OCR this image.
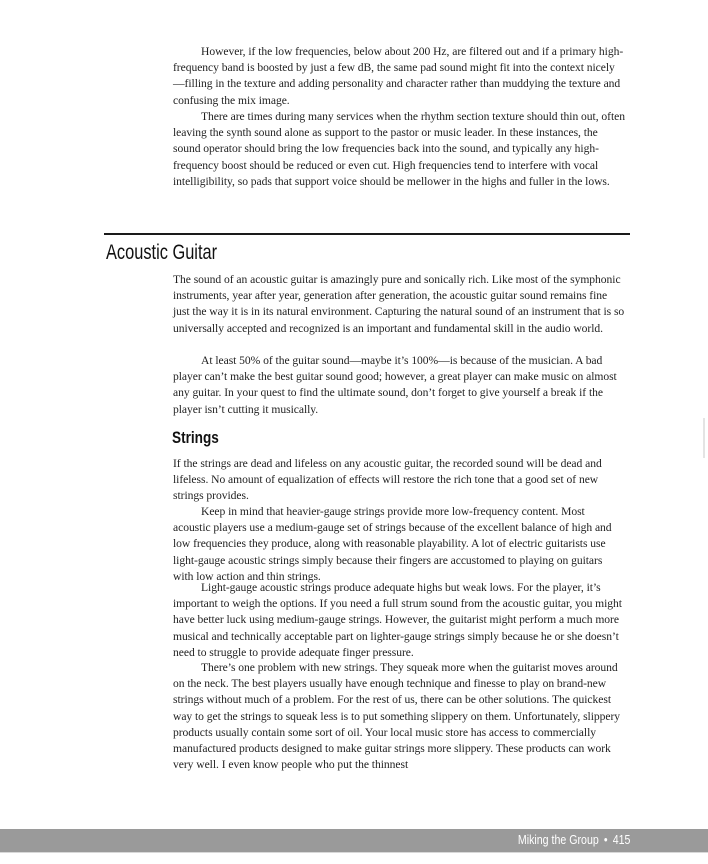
However, if the low frequencies, below about 200 Hz, are filtered out and if a primary high-frequency band is boosted by just a few dB, the same pad sound might fit into the context nicely—filling in the texture and adding personality and character rather than muddying the texture and confusing the mix image.

There are times during many services when the rhythm section texture should thin out, often leaving the synth sound alone as support to the pastor or music leader. In these instances, the sound operator should bring the low frequencies back into the sound, and typically any high-frequency boost should be reduced or even cut. High frequencies tend to interfere with vocal intelligibility, so pads that support voice should be mellower in the highs and fuller in the lows.

Acoustic Guitar

The sound of an acoustic guitar is amazingly pure and sonically rich. Like most of the symphonic instruments, year after year, generation after generation, the acoustic guitar sound remains fine just the way it is in its natural environment. Capturing the natural sound of an instrument that is so universally accepted and recognized is an important and fundamental skill in the audio world.

At least 50% of the guitar sound—maybe it’s 100%—is because of the musician. A bad player can’t make the best guitar sound good; however, a great player can make music on almost any guitar. In your quest to find the ultimate sound, don’t forget to give yourself a break if the player isn’t cutting it musically.

Strings

If the strings are dead and lifeless on any acoustic guitar, the recorded sound will be dead and lifeless. No amount of equalization of effects will restore the rich tone that a good set of new strings provides.

Keep in mind that heavier-gauge strings provide more low-frequency content. Most acoustic players use a medium-gauge set of strings because of the excellent balance of high and low frequencies they produce, along with reasonable playability. A lot of electric guitarists use light-gauge acoustic strings simply because their fingers are accustomed to playing on guitars with low action and thin strings.

Light-gauge acoustic strings produce adequate highs but weak lows. For the player, it’s important to weigh the options. If you need a full strum sound from the acoustic guitar, you might have better luck using medium-gauge strings. However, the guitarist might perform a much more musical and technically acceptable part on lighter-gauge strings simply because he or she doesn’t need to struggle to provide adequate finger pressure.

There’s one problem with new strings. They squeak more when the guitarist moves around on the neck. The best players usually have enough technique and finesse to play on brand-new strings without much of a problem. For the rest of us, there can be other solutions. The quickest way to get the strings to squeak less is to put something slippery on them. Unfortunately, slippery products usually contain some sort of oil. Your local music store has access to commercially manufactured products designed to make guitar strings more slippery. These products can work very well. I even know people who put the thinnest

Miking the Group • 415
